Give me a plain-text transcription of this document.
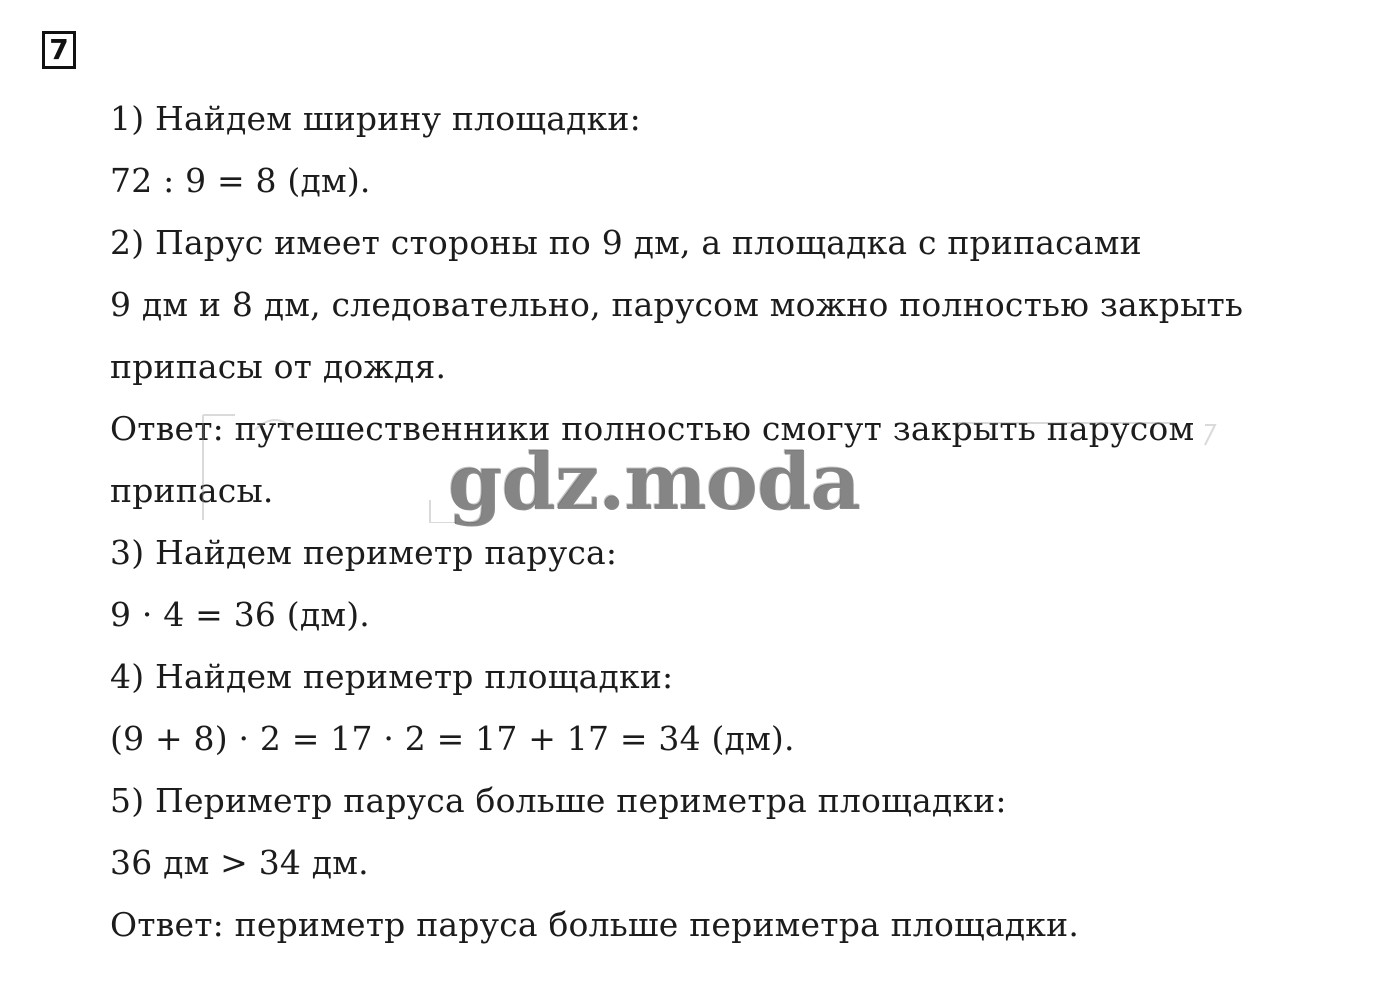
7
1) Найдем ширину площадки:
72 : 9 = 8 (дм).
2) Парус имеет стороны по 9 дм, а площадка с припасами
9 дм и 8 дм, следовательно, парусом можно полностью закрыть
припасы от дождя.
Ответ: путешественники полностью смогут закрыть парусом
припасы.
3) Найдем периметр паруса:
9 · 4 = 36 (дм).
4) Найдем периметр площадки:
(9 + 8) · 2 = 17 · 2 = 17 + 17 = 34 (дм).
5) Периметр паруса больше периметра площадки:
36 дм > 34 дм.
Ответ: периметр паруса больше периметра площадки.
gdz.moda
